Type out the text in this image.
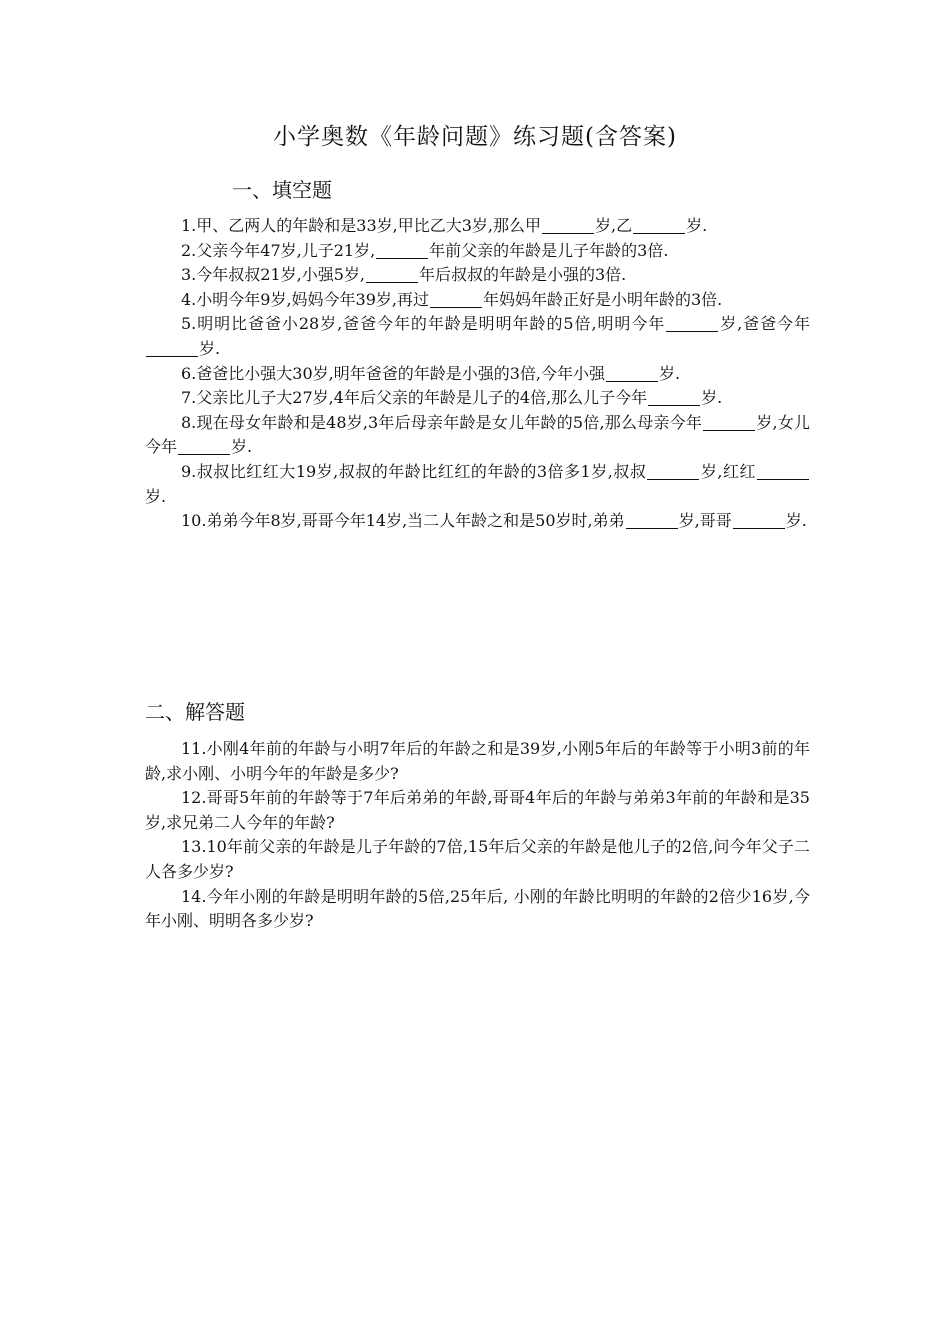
小学奥数《年龄问题》练习题(含答案)
一、填空题

1.甲、乙两人的年龄和是33岁,甲比乙大3岁,那么甲	岁,乙	岁.

2.父亲今年47岁,儿子21岁,	年前父亲的年龄是儿子年龄的3倍.

3.今年叔叔21岁,小强5岁,	年后叔叔的年龄是小强的3倍.

4.小明今年9岁,妈妈今年39岁,再过	年妈妈年龄正好是小明年龄的3倍.

5.明明比爸爸小28岁,爸爸今年的年龄是明明年龄的5倍,明明今年	岁,爸爸今年岁.

6.爸爸比小强大30岁,明年爸爸的年龄是小强的3倍,今年小强	岁.

7.父亲比儿子大27岁,4年后父亲的年龄是儿子的4倍,那么儿子今年	岁.

8.现在母女年龄和是48岁,3年后母亲年龄是女儿年龄的5倍,那么母亲今年	岁,女儿今年	岁.

9.叔叔比红红大19岁,叔叔的年龄比红红的年龄的3倍多1岁,叔叔	岁,红红岁.

10.弟弟今年8岁,哥哥今年14岁,当二人年龄之和是50岁时,弟弟	岁,哥哥	岁.

二、解答题

11.小刚4年前的年龄与小明7年后的年龄之和是39岁,小刚5年后的年龄等于小明3前的年龄,求小刚、小明今年的年龄是多少?

12.哥哥5年前的年龄等于7年后弟弟的年龄,哥哥4年后的年龄与弟弟3年前的年龄和是35岁,求兄弟二人今年的年龄?

13.10年前父亲的年龄是儿子年龄的7倍,15年后父亲的年龄是他儿子的2倍,问今年父子二人各多少岁?

14.今年小刚的年龄是明明年龄的5倍,25年后, 小刚的年龄比明明的年龄的2倍少16岁,今年小刚、明明各多少岁?
